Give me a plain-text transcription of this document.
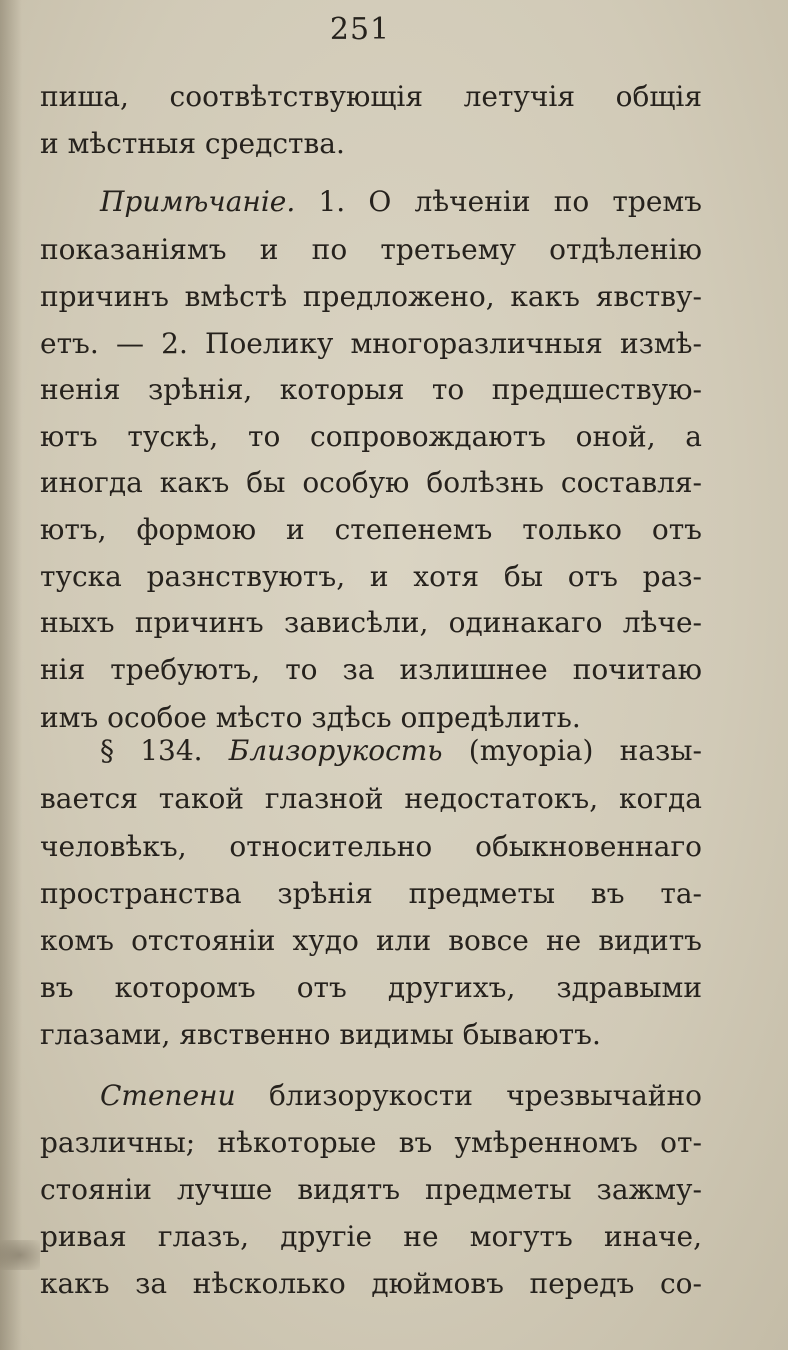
251
пиша, соотвѣтствующія летучія общія
и мѣстныя средства.
Примѣчаніе. 1. О лѣченіи по тремъ
показаніямъ и по третьему отдѣленію
причинъ вмѣстѣ предложено, какъ явству-
етъ. — 2. Поелику многоразличныя измѣ-
ненія зрѣнія, которыя то предшествую-
ютъ тускѣ, то сопровождаютъ оной, а
иногда какъ бы особую болѣзнь составля-
ютъ, формою и степенемъ только отъ
туска разнствуютъ, и хотя бы отъ раз-
ныхъ причинъ зависѣли, одинакаго лѣче-
нія требуютъ, то за излишнее почитаю
имъ особое мѣсто здѣсь опредѣлить.
§ 134. Близорукость (myopia) назы-
вается такой глазной недостатокъ, когда
человѣкъ, относительно обыкновеннаго
пространства зрѣнія предметы въ та-
комъ отстояніи худо или вовсе не видитъ
въ которомъ отъ другихъ, здравыми
глазами, явственно видимы бываютъ.
Степени близорукости чрезвычайно
различны; нѣкоторые въ умѣренномъ от-
стояніи лучше видятъ предметы зажму-
ривая глазъ, другіе не могутъ иначе,
какъ за нѣсколько дюймовъ передъ со-
